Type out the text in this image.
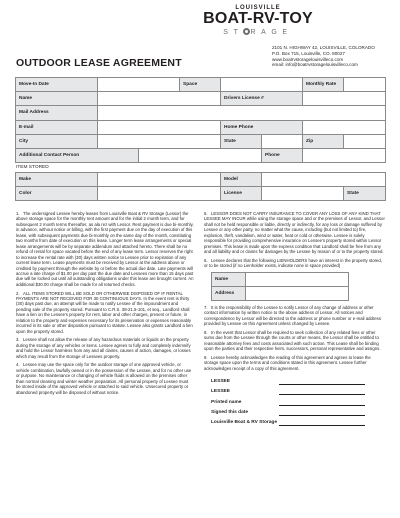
LOUISVILLE
BOAT-RV-TOY
ST RAGE
2101 N. HIGHWAY 42, LOUISVILLE, COLORADO
P.O. Box 715, Louisville, CO. 80027
www.boatrvstoragelouisvilleco.com
email: info@boatrvstoragelouisvilleco.com
OUTDOOR LEASE AGREEMENT
Move-In Date			Space			Monthly Rate	
Name				Drivers License #			
Mail Address							
E-mail				Home Phone			
City				State		Zip	
Additional Contact Person					Phone		
ITEM STORED
Make		Model		
Color		License		State

1. The undersigned Lessee hereby leases from Louisville Boat & RV Storage (Lessor) the above storage space for the monthly rent amount and for the initial 2 month term, and for subsequent 2 month terms thereafter, as ala rez with Lessor. Rent payment is due bi-monthly, in advance, without notice or billing, with the first payment due on the day of execution of this lease, with subsequent payments due bi-monthly on the same day of the month, constituting two months from date of execution on this lease. Longer term lease arrangements or special lease arrangements will be by separate addendum and attached hereto. There shall be no refund of rental for space vacated before the end of any lease term. Lessor reserves the right to increase the rental rate with (30) days written notice to Lessee prior to expiration of any current lease term. Lease payments must be received by Lessor at the address above or credited by payment through the website by or before the actual due date. Late payments will accrue a late charge of $1.00 per day past the due date and Lessees more than 15 days past due will be locked out until all outstanding obligations under this lease are brought current. An additional $30.00 charge shall be made for all returned checks.

2. ALL ITEMS STORED WILL BE SOLD OR OTHERWISE DISPOSED OF IF RENTAL PAYMENTS ARE NOT RECEIVED FOR 30 CONTINUOUS DAYS. In the event rent is thirty (30) days past due, an attempt will be made to notify Lessee of the impoundment and pending sale of the property stored. Pursuant to C.R.S. 38-21.5-101, et seq., Landlord shall have a lien on the Lessee's property for rent, labor and other charges, present or future, in relation to the property and expenses necessary for its preservation or expenses reasonably incurred in its sale or other disposition pursuant to statute. Lessee also grants Landlord a lien upon the property stored.

3. Lessee shall not allow the release of any hazardous materials or liquids on the property during the storage of any vehicles or items. Lessee agrees to fully and completely indemnify and hold the Lessor harmless from any and all claims, causes of action, damages, or losses which may result from the storage of Lessees property.

4. Lessee may use the space only for the outdoor storage of one approved vehicle, or vehicle combination, lawfully owned or in the possession of the Lessee, and for no other use or purpose. No maintenance or changing of vehicle fluids is allowed on the premises other than normal cleaning and winter weather preparation. All personal property of Lessee must be stored inside of the approved vehicle or attached to said vehicle. Unsecured property or abandoned property will be disposed of without notice.

5. LESSOR DOES NOT CARRY INSURANCE TO COVER ANY LOSS OF ANY KIND THAT LESSEE MAY INCUR while using the storage space and or the premises of Lessor, and Lessor shall not be held responsible or liable, directly or indirectly, for any loss or damage suffered by Lessee or any other party, no matter what the cause, including (but not limited to) fire, explosion, theft, vandalism, wind or water, heat or cold or otherwise. Lessee is solely responsible for providing comprehensive insurance on Lessee's property stored within Lessor premises. This lease is made upon the express condition that Landlord shall be free from any and all liability and or claims for damages by the Lessee by reason of or to the property stored.

6. Lessee declares that the following LIENHOLDERS have an interest in the property stored, or to be stored (if no Lienholder exists, indicate none in space provided)

Name	
Address	

7. It is the responsibility of the Lessee to notify Lessor of any change of address or other contact information by written notice to the above address of Lessor. All notices and correspondence by Lessor will be directed to the address or phone number or e-mail address provided by Lessee on this Agreement unless changed by Lessee.

8. In the event that Lessor shall be required to seek collection of any related fees or other sums due from the Lessee through the courts or other means, the Lessor shall be entitled to reasonable attorney fees and costs associated with such action. This Lease shall be binding upon the parties and their respective heirs, successors, personal representative and assigns.

9. Lessee hereby acknowledges the reading of this agreement and agrees to lease the storage space upon the terms and conditions stated in this agreement. Lessee further acknowledges receipt of a copy of this agreement.

LESSEE	
LESSEE	
Printed name	
Signed this date	
Louisville Boat & RV Storage	
